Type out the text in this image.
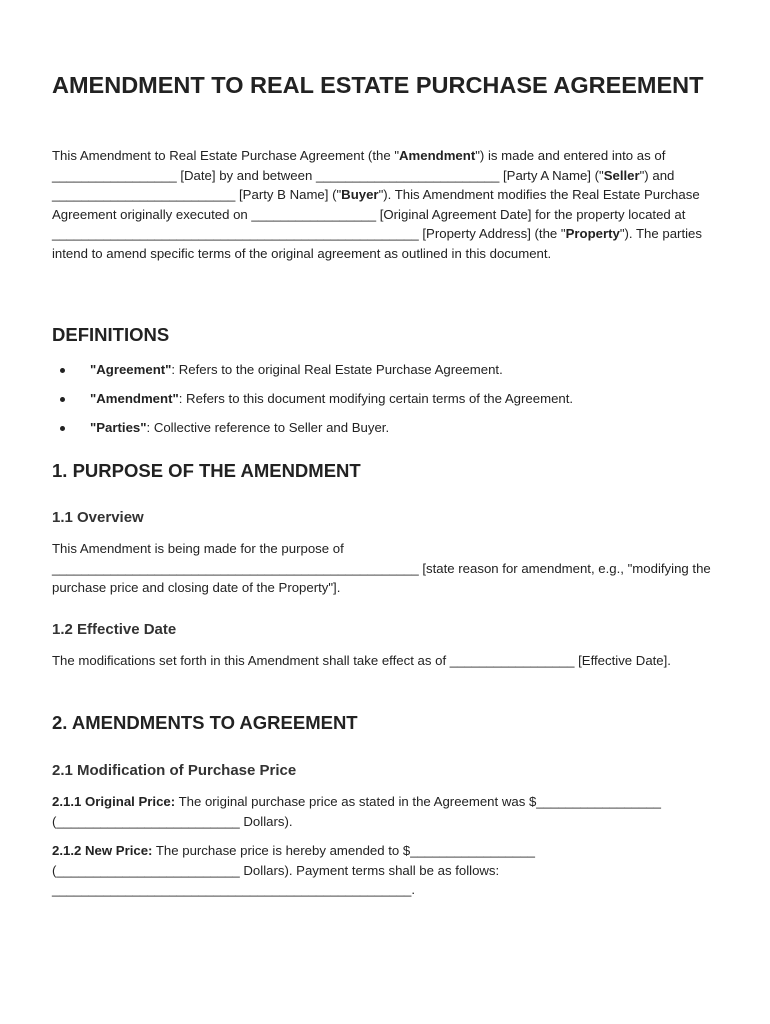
AMENDMENT TO REAL ESTATE PURCHASE AGREEMENT

This Amendment to Real Estate Purchase Agreement (the "Amendment") is made and entered into as of _________________ [Date] by and between _________________________ [Party A Name] ("Seller") and _________________________ [Party B Name] ("Buyer"). This Amendment modifies the Real Estate Purchase Agreement originally executed on _________________ [Original Agreement Date] for the property located at __________________________________________________ [Property Address] (the "Property"). The parties intend to amend specific terms of the original agreement as outlined in this document.

DEFINITIONS
"Agreement": Refers to the original Real Estate Purchase Agreement.
"Amendment": Refers to this document modifying certain terms of the Agreement.
"Parties": Collective reference to Seller and Buyer.
1. PURPOSE OF THE AMENDMENT
1.1 Overview

This Amendment is being made for the purpose of __________________________________________________ [state reason for amendment, e.g., "modifying the purchase price and closing date of the Property"].

1.2 Effective Date

The modifications set forth in this Amendment shall take effect as of _________________ [Effective Date].

2. AMENDMENTS TO AGREEMENT
2.1 Modification of Purchase Price

2.1.1 Original Price: The original purchase price as stated in the Agreement was $_________________ (_________________________ Dollars).

2.1.2 New Price: The purchase price is hereby amended to $_________________ (_________________________ Dollars). Payment terms shall be as follows: _________________________________________________.
